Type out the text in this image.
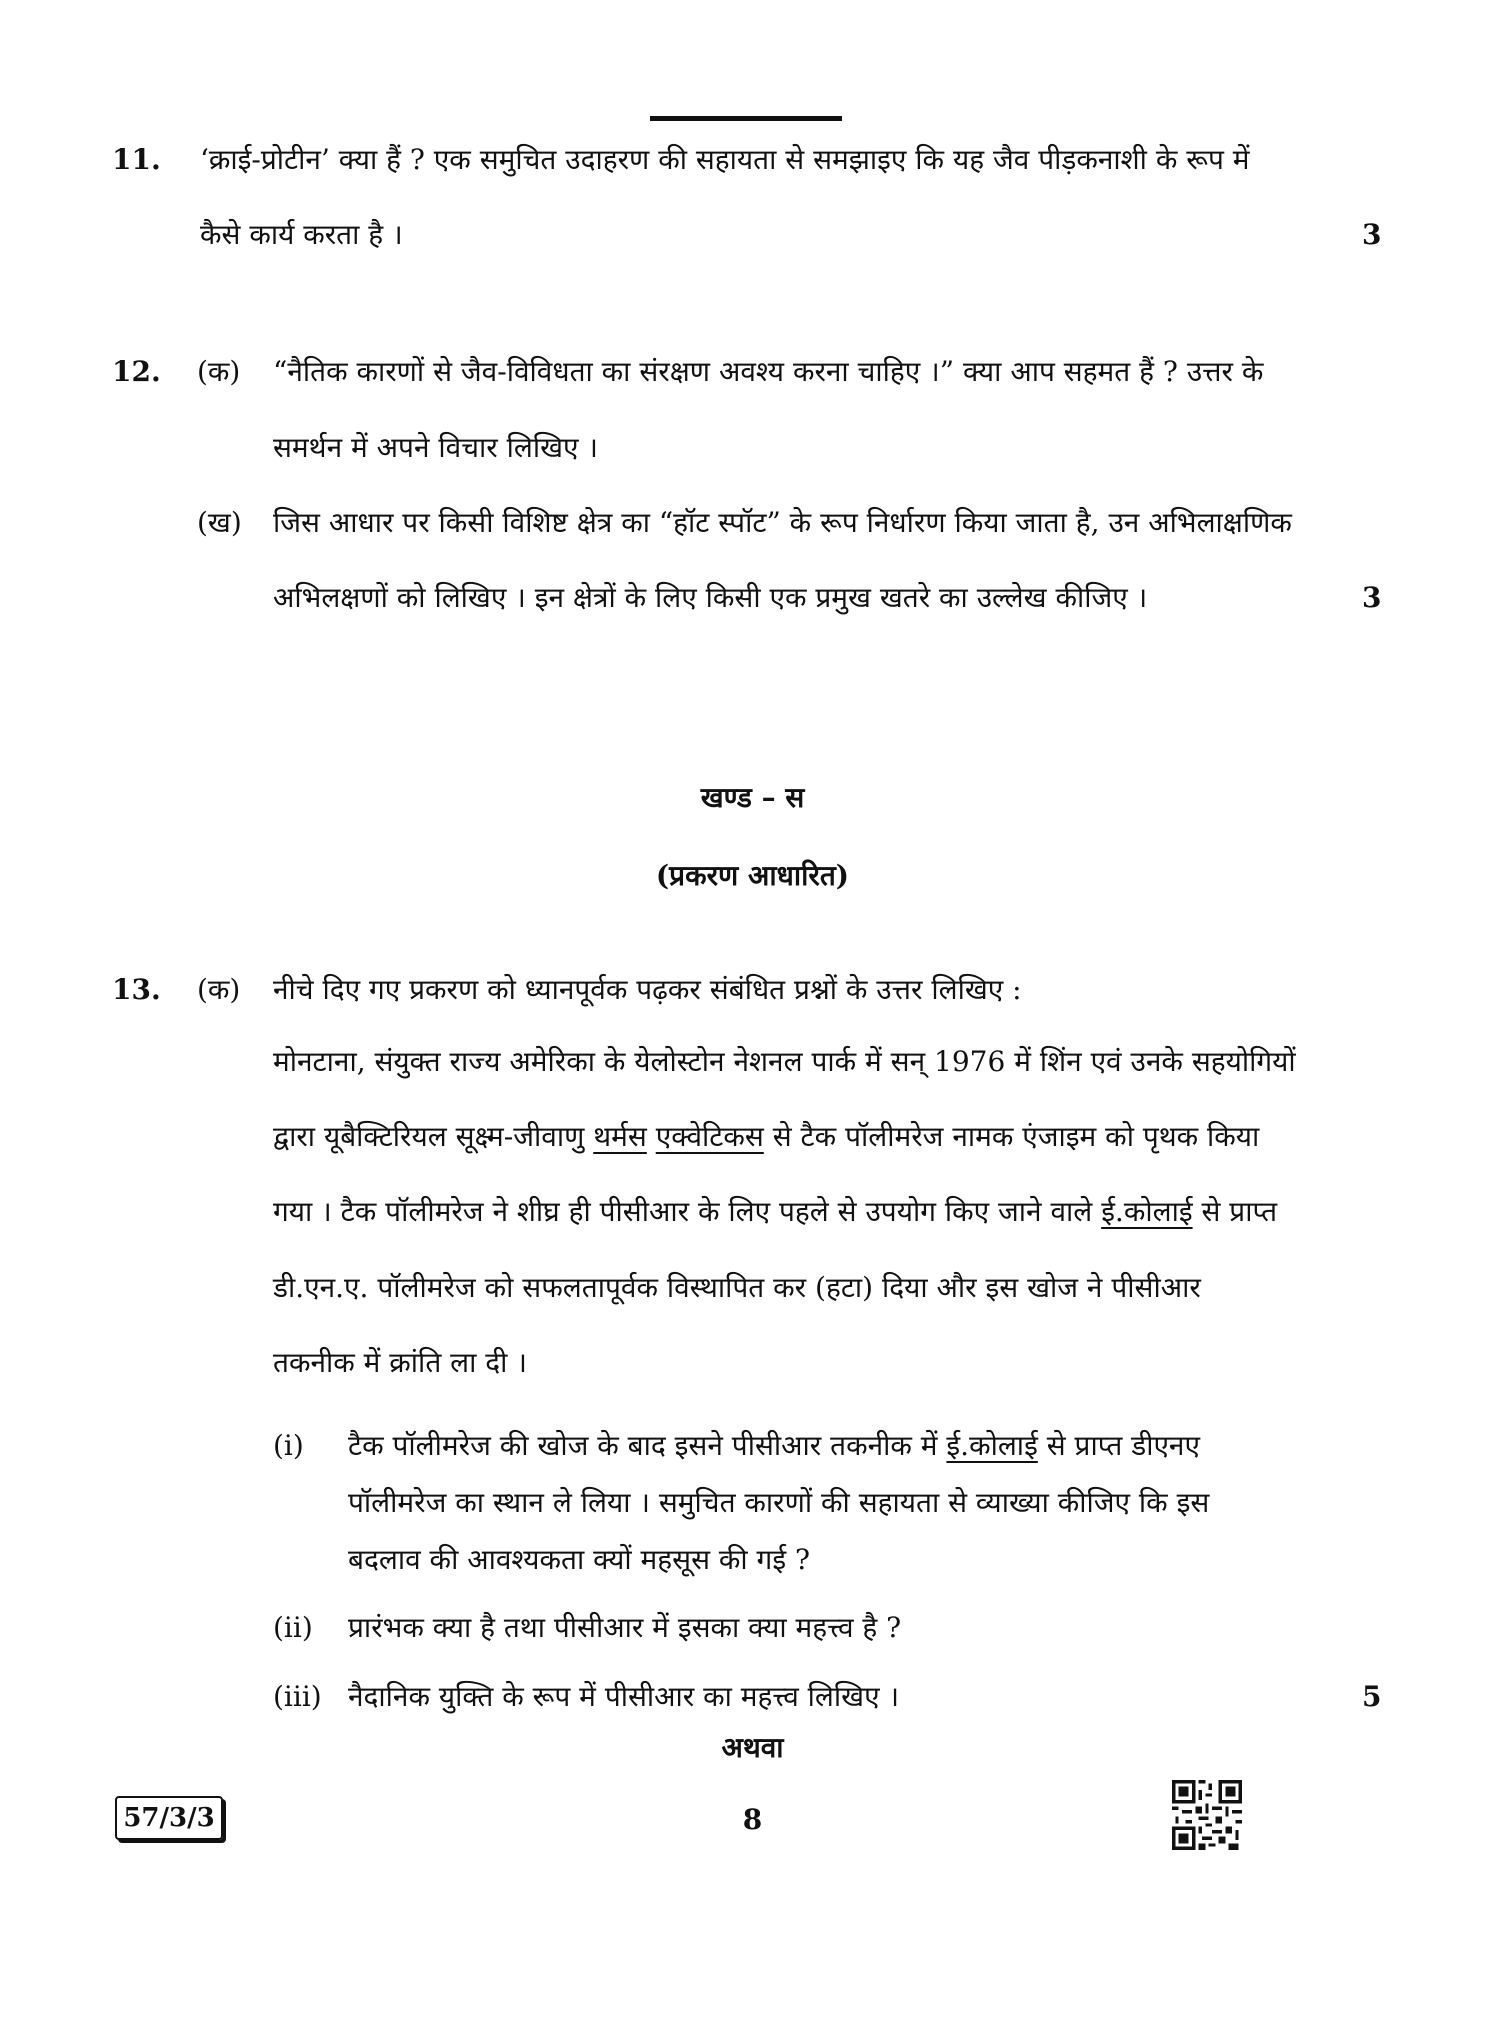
11. ‘क्राई-प्रोटीन’ क्या हैं ? एक समुचित उदाहरण की सहायता से समझाइए कि यह जैव पीड़कनाशी के रूप में
कैसे कार्य करता है ।	3
12. (क) “नैतिक कारणों से जैव-विविधता का संरक्षण अवश्य करना चाहिए ।” क्या आप सहमत हैं ? उत्तर के
समर्थन में अपने विचार लिखिए ।
(ख) जिस आधार पर किसी विशिष्ट क्षेत्र का “हॉट स्पॉट” के रूप निर्धारण किया जाता है, उन अभिलाक्षणिक
अभिलक्षणों को लिखिए । इन क्षेत्रों के लिए किसी एक प्रमुख खतरे का उल्लेख कीजिए ।	3
खण्ड – स
(प्रकरण आधारित)
13. (क) नीचे दिए गए प्रकरण को ध्यानपूर्वक पढ़कर संबंधित प्रश्नों के उत्तर लिखिए :
मोनटाना, संयुक्त राज्य अमेरिका के येलोस्टोन नेशनल पार्क में सन् 1976 में शिंन एवं उनके सहयोगियों
द्वारा यूबैक्टिरियल सूक्ष्म-जीवाणु थर्मस एक्वेटिकस से टैक पॉलीमरेज नामक एंजाइम को पृथक किया
गया । टैक पॉलीमरेज ने शीघ्र ही पीसीआर के लिए पहले से उपयोग किए जाने वाले ई.कोलाई से प्राप्त
डी.एन.ए. पॉलीमरेज को सफलतापूर्वक विस्थापित कर (हटा) दिया और इस खोज ने पीसीआर
तकनीक में क्रांति ला दी ।
(i) टैक पॉलीमरेज की खोज के बाद इसने पीसीआर तकनीक में ई.कोलाई से प्राप्त डीएनए
पॉलीमरेज का स्थान ले लिया । समुचित कारणों की सहायता से व्याख्या कीजिए कि इस
बदलाव की आवश्यकता क्यों महसूस की गई ?
(ii) प्रारंभक क्या है तथा पीसीआर में इसका क्या महत्त्व है ?
(iii) नैदानिक युक्ति के रूप में पीसीआर का महत्त्व लिखिए ।	5
अथवा
57/3/3	8
